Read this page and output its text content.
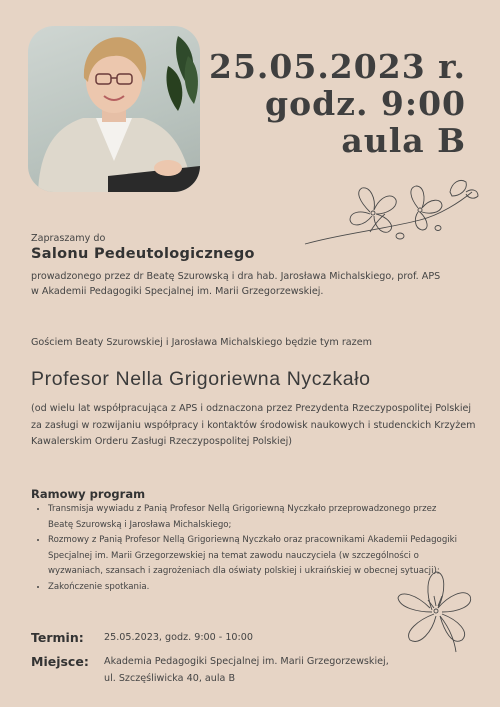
25.05.2023 r.
godz. 9:00
aula B
Zapraszamy do
Salonu Pedeutologicznego
prowadzonego przez dr Beatę Szurowską i dra hab. Jarosława Michalskiego, prof. APS
w Akademii Pedagogiki Specjalnej im. Marii Grzegorzewskiej.
Gościem Beaty Szurowskiej i Jarosława Michalskiego będzie tym razem
Profesor Nella Grigoriewna Nyczkało
(od wielu lat współpracująca z APS i odznaczona przez Prezydenta Rzeczypospolitej Polskiej za zasługi w rozwijaniu współpracy i kontaktów środowisk naukowych i studenckich Krzyżem Kawalerskim Orderu Zasługi Rzeczypospolitej Polskiej)
Ramowy program
• Transmisja wywiadu z Panią Profesor Nellą Grigoriewną Nyczkało przeprowadzonego przez Beatę Szurowską i Jarosława Michalskiego;
• Rozmowy z Panią Profesor Nellą Grigoriewną Nyczkało oraz pracownikami Akademii Pedagogiki Specjalnej im. Marii Grzegorzewskiej na temat zawodu nauczyciela (w szczególności o wyzwaniach, szansach i zagrożeniach dla oświaty polskiej i ukraińskiej w obecnej sytuacji);
• Zakończenie spotkania.
Termin: 25.05.2023, godz. 9:00 - 10:00
Miejsce: Akademia Pedagogiki Specjalnej im. Marii Grzegorzewskiej,
ul. Szczęśliwicka 40, aula B
